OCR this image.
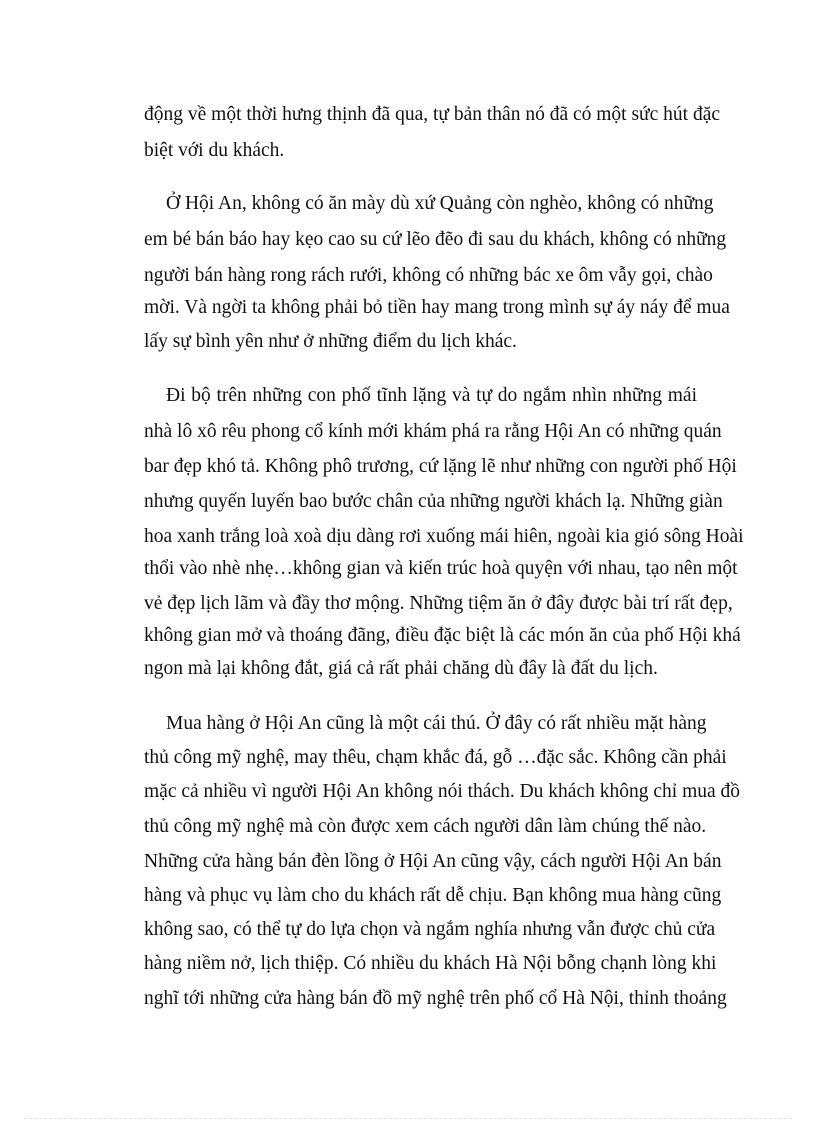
động về một thời hưng thịnh đã qua, tự bản thân nó đã có một sức hút đặc
biệt với du khách.
Ở Hội An, không có ăn mày dù xứ Quảng còn nghèo, không có những
em bé bán báo hay kẹo cao su cứ lẽo đẽo đi sau du khách, không có những
người bán hàng rong rách rưới, không có những bác xe ôm vẫy gọi, chào
mời. Và ngời ta không phải bỏ tiền hay mang trong mình sự áy náy để mua
lấy sự bình yên như ở những điểm du lịch khác.
Đi bộ trên những con phố tĩnh lặng và tự do ngắm nhìn những mái
nhà lô xô rêu phong cổ kính mới khám phá ra rằng Hội An có những quán
bar đẹp khó tả. Không phô trương, cứ lặng lẽ như những con người phố Hội
nhưng quyến luyến bao bước chân của những người khách lạ. Những giàn
hoa xanh trắng loà xoà dịu dàng rơi xuống mái hiên, ngoài kia gió sông Hoài
thổi vào nhè nhẹ…không gian và kiến trúc hoà quyện với nhau, tạo nên một
vẻ đẹp lịch lãm và đầy thơ mộng. Những tiệm ăn ở đây được bài trí rất đẹp,
không gian mở và thoáng đãng, điều đặc biệt là các món ăn của phố Hội khá
ngon mà lại không đắt, giá cả rất phải chăng dù đây là đất du lịch.
Mua hàng ở Hội An cũng là một cái thú. Ở đây có rất nhiều mặt hàng
thủ công mỹ nghệ, may thêu, chạm khắc đá, gỗ …đặc sắc. Không cần phải
mặc cả nhiều vì người Hội An không nói thách. Du khách không chỉ mua đồ
thủ công mỹ nghệ mà còn được xem cách người dân làm chúng thế nào.
Những cửa hàng bán đèn lồng ở Hội An cũng vậy, cách người Hội An bán
hàng và phục vụ làm cho du khách rất dễ chịu. Bạn không mua hàng cũng
không sao, có thể tự do lựa chọn và ngắm nghía nhưng vẫn được chủ cửa
hàng niềm nở, lịch thiệp. Có nhiều du khách Hà Nội bỗng chạnh lòng khi
nghĩ tới những cửa hàng bán đồ mỹ nghệ trên phố cổ Hà Nội, thỉnh thoảng
